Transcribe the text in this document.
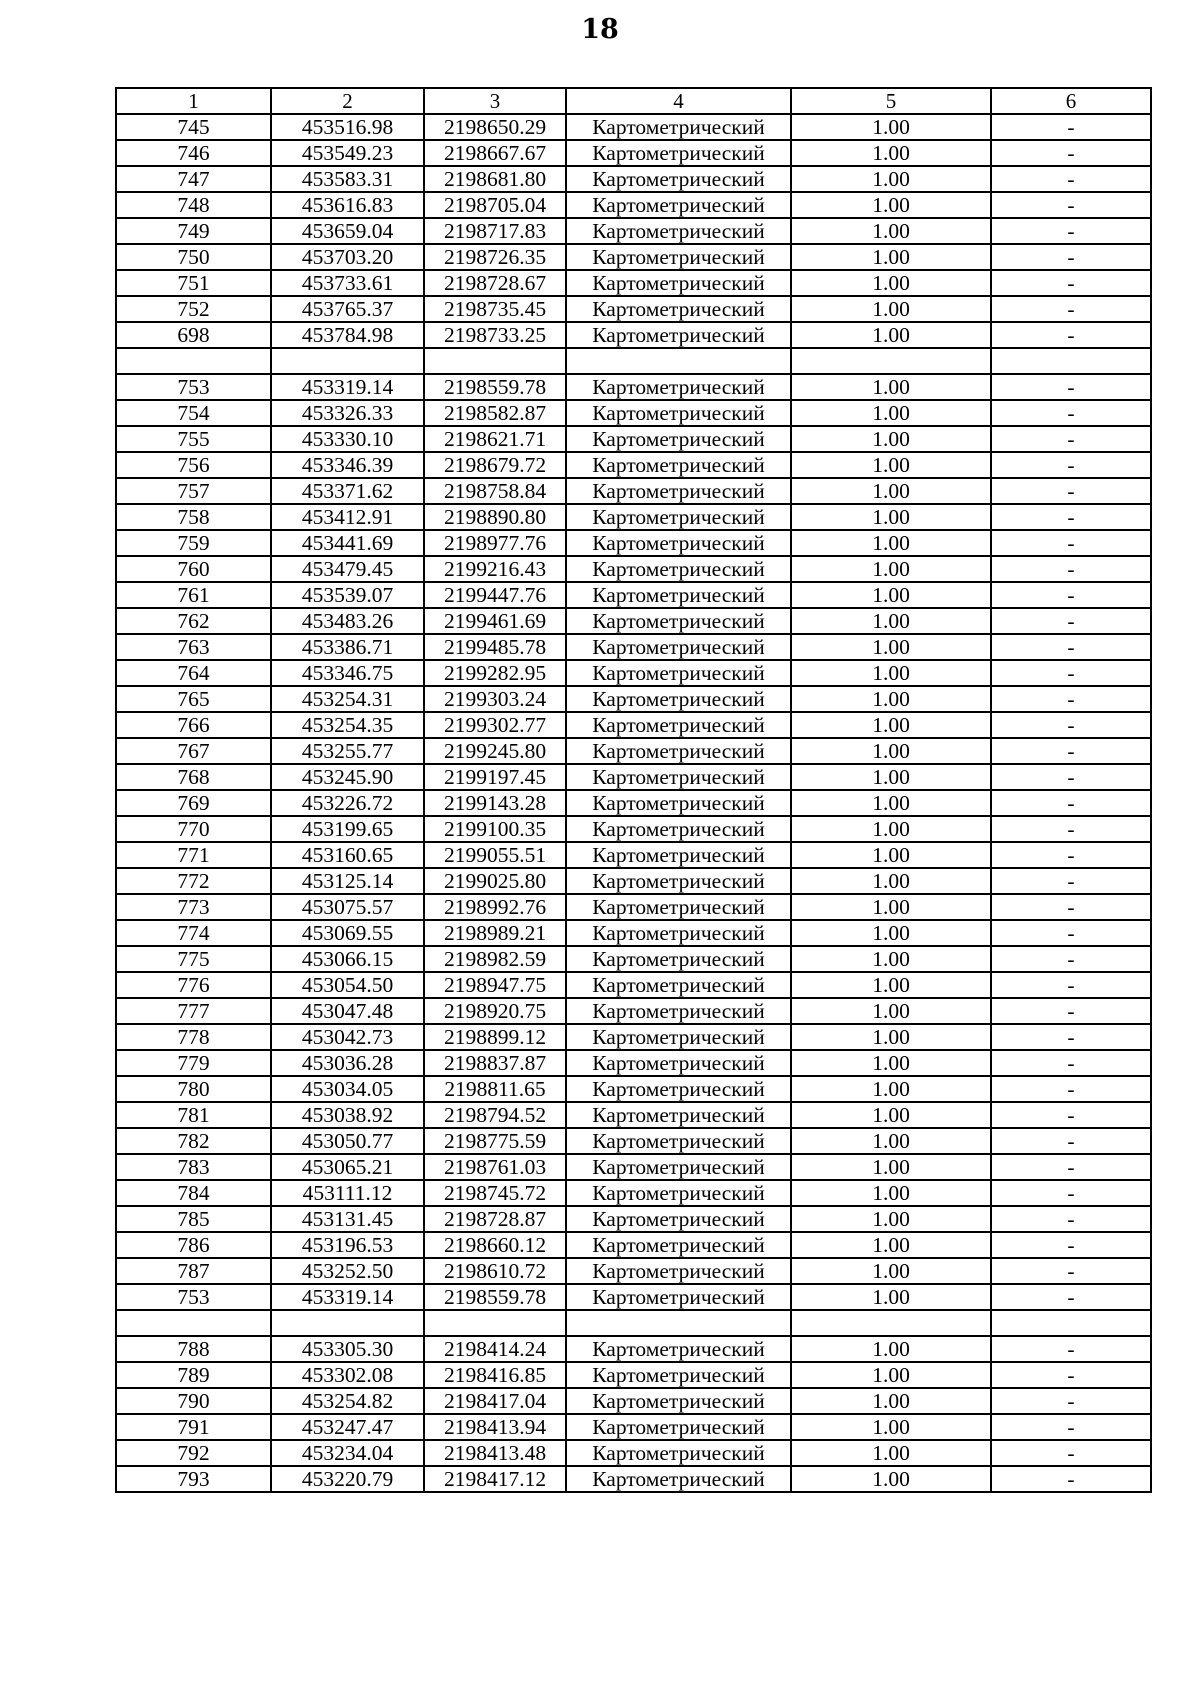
18
1	2	3	4	5	6
745	453516.98	2198650.29	Картометрический	1.00	-
746	453549.23	2198667.67	Картометрический	1.00	-
747	453583.31	2198681.80	Картометрический	1.00	-
748	453616.83	2198705.04	Картометрический	1.00	-
749	453659.04	2198717.83	Картометрический	1.00	-
750	453703.20	2198726.35	Картометрический	1.00	-
751	453733.61	2198728.67	Картометрический	1.00	-
752	453765.37	2198735.45	Картометрический	1.00	-
698	453784.98	2198733.25	Картометрический	1.00	-

753	453319.14	2198559.78	Картометрический	1.00	-
754	453326.33	2198582.87	Картометрический	1.00	-
755	453330.10	2198621.71	Картометрический	1.00	-
756	453346.39	2198679.72	Картометрический	1.00	-
757	453371.62	2198758.84	Картометрический	1.00	-
758	453412.91	2198890.80	Картометрический	1.00	-
759	453441.69	2198977.76	Картометрический	1.00	-
760	453479.45	2199216.43	Картометрический	1.00	-
761	453539.07	2199447.76	Картометрический	1.00	-
762	453483.26	2199461.69	Картометрический	1.00	-
763	453386.71	2199485.78	Картометрический	1.00	-
764	453346.75	2199282.95	Картометрический	1.00	-
765	453254.31	2199303.24	Картометрический	1.00	-
766	453254.35	2199302.77	Картометрический	1.00	-
767	453255.77	2199245.80	Картометрический	1.00	-
768	453245.90	2199197.45	Картометрический	1.00	-
769	453226.72	2199143.28	Картометрический	1.00	-
770	453199.65	2199100.35	Картометрический	1.00	-
771	453160.65	2199055.51	Картометрический	1.00	-
772	453125.14	2199025.80	Картометрический	1.00	-
773	453075.57	2198992.76	Картометрический	1.00	-
774	453069.55	2198989.21	Картометрический	1.00	-
775	453066.15	2198982.59	Картометрический	1.00	-
776	453054.50	2198947.75	Картометрический	1.00	-
777	453047.48	2198920.75	Картометрический	1.00	-
778	453042.73	2198899.12	Картометрический	1.00	-
779	453036.28	2198837.87	Картометрический	1.00	-
780	453034.05	2198811.65	Картометрический	1.00	-
781	453038.92	2198794.52	Картометрический	1.00	-
782	453050.77	2198775.59	Картометрический	1.00	-
783	453065.21	2198761.03	Картометрический	1.00	-
784	453111.12	2198745.72	Картометрический	1.00	-
785	453131.45	2198728.87	Картометрический	1.00	-
786	453196.53	2198660.12	Картометрический	1.00	-
787	453252.50	2198610.72	Картометрический	1.00	-
753	453319.14	2198559.78	Картометрический	1.00	-

788	453305.30	2198414.24	Картометрический	1.00	-
789	453302.08	2198416.85	Картометрический	1.00	-
790	453254.82	2198417.04	Картометрический	1.00	-
791	453247.47	2198413.94	Картометрический	1.00	-
792	453234.04	2198413.48	Картометрический	1.00	-
793	453220.79	2198417.12	Картометрический	1.00	-
